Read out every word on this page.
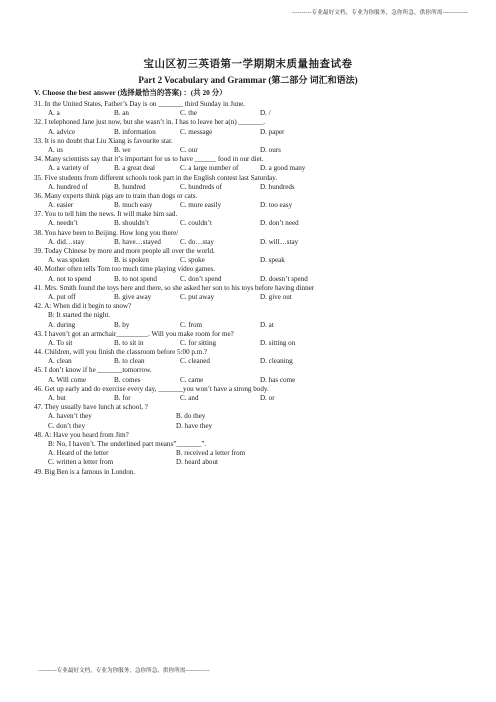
----------专业最好文档，专业为你服务，急你所急，供你所需-------------
宝山区初三英语第一学期期末质量抽查试卷
Part 2 Vocabulary and Grammar (第二部分 词汇和语法)
V. Choose the best answer (选择最恰当的答案) ：(共 20 分）
31. In the United States, Father’s Day is on _______ third Sunday in June.
A. a	B. an	C. the	D. /
32. I telephoned Jane just now, but she wasn’t in. I has to leave her a(n) _______.
A. advice	B. information	C. message	D. paper
33. It is no doubt that Liu Xiang is favourite star.
A. us	B. we	C. our	D. ours
34. Many scientists say that it’s important for us to have ______ food in our diet.
A. a variety of	B. a great deal	C. a large number of	D. a good many
35. Five students from different schools took part in the English contest last Saturday.
A. hundred of	B. hundred	C. hundreds of	D. hundreds
36. Many experts think pigs are to train than dogs or cats.
A. easier	B. much easy	C. more easily	D. too easy
37. You to tell him the news. It will make him sad.
A. needn’t	B. shouldn’t	C. couldn’t	D. don’t need
38. You have been to Beijing. How long you there/
A. did…stay	B. have…stayed	C. do…stay	D. will…stay
39. Today Chinese by more and more people all over the world.
A. was spoken	B. is spoken	C. spoke	D. speak
40. Mother often tells Tom too much time playing video games.
A. not to spend	B. to not spend	C. don’t spend	D. doesn’t spend
41. Mrs. Smith found the toys here and there, so she asked her son to his toys before having dinner
A. put off	B. give away	C. put away	D. give out
42. A: When did it begin to snow?
B: It started the night.
A. during	B. by	C. from	D. at
43. I haven’t got an armchair_________. Will you make room for me?
A. To sit	B. to sit in	C. for sitting	D. sitting on
44. Children, will you finish the classroom before 5:00 p.m.?
A. clean	B. to clean	C. cleaned	D. cleaning
45. I don’t know if he _______tomorrow.
A. Will come	B. comes	C. came	D. has come
46. Get up early and do exercise every day, _______you won’t have a strong body.
A. but	B. for	C. and	D. or
47. They usually have lunch at school, ?
A. haven’t they	B. do they
C. don’t they	D. have they
48. A: Have you heard from Jim?
B: No, I haven’t. The underlined part means”_______”.
A. Heard of the letter	B. received a letter from
C. written a letter from	D. heard about
49. Big Ben is a famous in London.
----------专业最好文档，专业为你服务，急你所急，供你所需-------------
